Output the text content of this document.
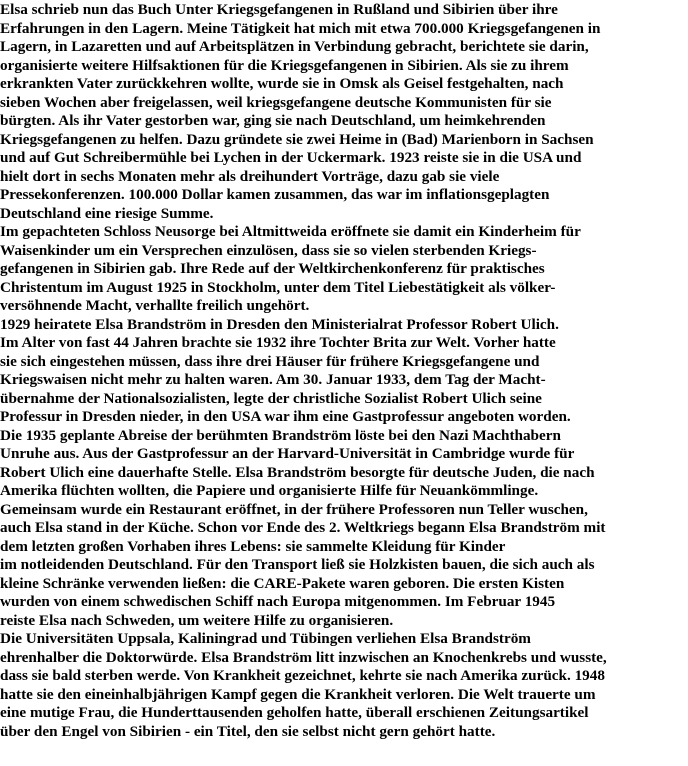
Elsa schrieb nun das Buch Unter Kriegsgefangenen in Rußland und Sibirien über ihre
Erfahrungen in den Lagern. Meine Tätigkeit hat mich mit etwa 700.000 Kriegsgefangenen in
Lagern, in Lazaretten und auf Arbeitsplätzen in Verbindung gebracht, berichtete sie darin,
organisierte weitere Hilfsaktionen für die Kriegsgefangenen in Sibirien. Als sie zu ihrem
erkrankten Vater zurückkehren wollte, wurde sie in Omsk als Geisel festgehalten, nach
sieben Wochen aber freigelassen, weil kriegsgefangene deutsche Kommunisten für sie
bürgten. Als ihr Vater gestorben war, ging sie nach Deutschland, um heimkehrenden
Kriegsgefangenen zu helfen. Dazu gründete sie zwei Heime in (Bad) Marienborn in Sachsen
und auf Gut Schreibermühle bei Lychen in der Uckermark. 1923 reiste sie in die USA und
hielt dort in sechs Monaten mehr als dreihundert Vorträge, dazu gab sie viele
Pressekonferenzen. 100.000 Dollar kamen zusammen, das war im inflationsgeplagten
Deutschland eine riesige Summe.
Im gepachteten Schloss Neusorge bei Altmittweida eröffnete sie damit ein Kinderheim für
Waisenkinder um ein Versprechen einzulösen, dass sie so vielen sterbenden Kriegs-
gefangenen in Sibirien gab. Ihre Rede auf der Weltkirchenkonferenz für praktisches
Christentum im August 1925 in Stockholm, unter dem Titel Liebestätigkeit als völker-
versöhnende Macht, verhallte freilich ungehört.
1929 heiratete Elsa Brandström in Dresden den Ministerialrat Professor Robert Ulich.
Im Alter von fast 44 Jahren brachte sie 1932 ihre Tochter Brita zur Welt. Vorher hatte
sie sich eingestehen müssen, dass ihre drei Häuser für frühere Kriegsgefangene und
Kriegswaisen nicht mehr zu halten waren. Am 30. Januar 1933, dem Tag der Macht-
übernahme der Nationalsozialisten, legte der christliche Sozialist Robert Ulich seine
Professur in Dresden nieder, in den USA war ihm eine Gastprofessur angeboten worden.
Die 1935 geplante Abreise der berühmten Brandström löste bei den Nazi Machthabern
Unruhe aus. Aus der Gastprofessur an der Harvard-Universität in Cambridge wurde für
Robert Ulich eine dauerhafte Stelle. Elsa Brandström besorgte für deutsche Juden, die nach
Amerika flüchten wollten, die Papiere und organisierte Hilfe für Neuankömmlinge.
Gemeinsam wurde ein Restaurant eröffnet, in der frühere Professoren nun Teller wuschen,
auch Elsa stand in der Küche. Schon vor Ende des 2. Weltkriegs begann Elsa Brandström mit
dem letzten großen Vorhaben ihres Lebens: sie sammelte Kleidung für Kinder
im notleidenden Deutschland. Für den Transport ließ sie Holzkisten bauen, die sich auch als
kleine Schränke verwenden ließen: die CARE-Pakete waren geboren. Die ersten Kisten
wurden von einem schwedischen Schiff nach Europa mitgenommen. Im Februar 1945
reiste Elsa nach Schweden, um weitere Hilfe zu organisieren.
Die Universitäten Uppsala, Kaliningrad und Tübingen verliehen Elsa Brandström
ehrenhalber die Doktorwürde. Elsa Brandström litt inzwischen an Knochenkrebs und wusste,
dass sie bald sterben werde. Von Krankheit gezeichnet, kehrte sie nach Amerika zurück. 1948
hatte sie den eineinhalbjährigen Kampf gegen die Krankheit verloren. Die Welt trauerte um
eine mutige Frau, die Hunderttausenden geholfen hatte, überall erschienen Zeitungsartikel
über den Engel von Sibirien - ein Titel, den sie selbst nicht gern gehört hatte.
